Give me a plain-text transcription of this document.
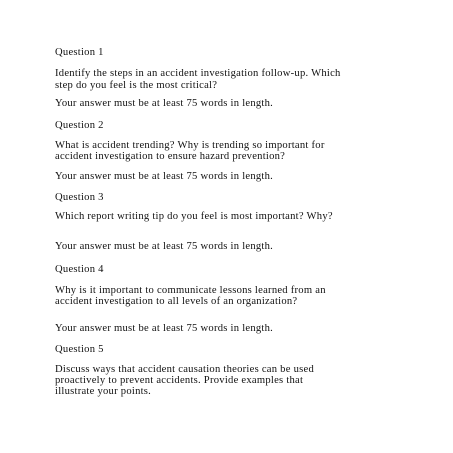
Question 1
Identify the steps in an accident investigation follow-up. Which
step do you feel is the most critical?
Your answer must be at least 75 words in length.
Question 2
What is accident trending? Why is trending so important for
accident investigation to ensure hazard prevention?
Your answer must be at least 75 words in length.
Question 3
Which report writing tip do you feel is most important? Why?
Your answer must be at least 75 words in length.
Question 4
Why is it important to communicate lessons learned from an
accident investigation to all levels of an organization?
Your answer must be at least 75 words in length.
Question 5
Discuss ways that accident causation theories can be used
proactively to prevent accidents. Provide examples that
illustrate your points.
